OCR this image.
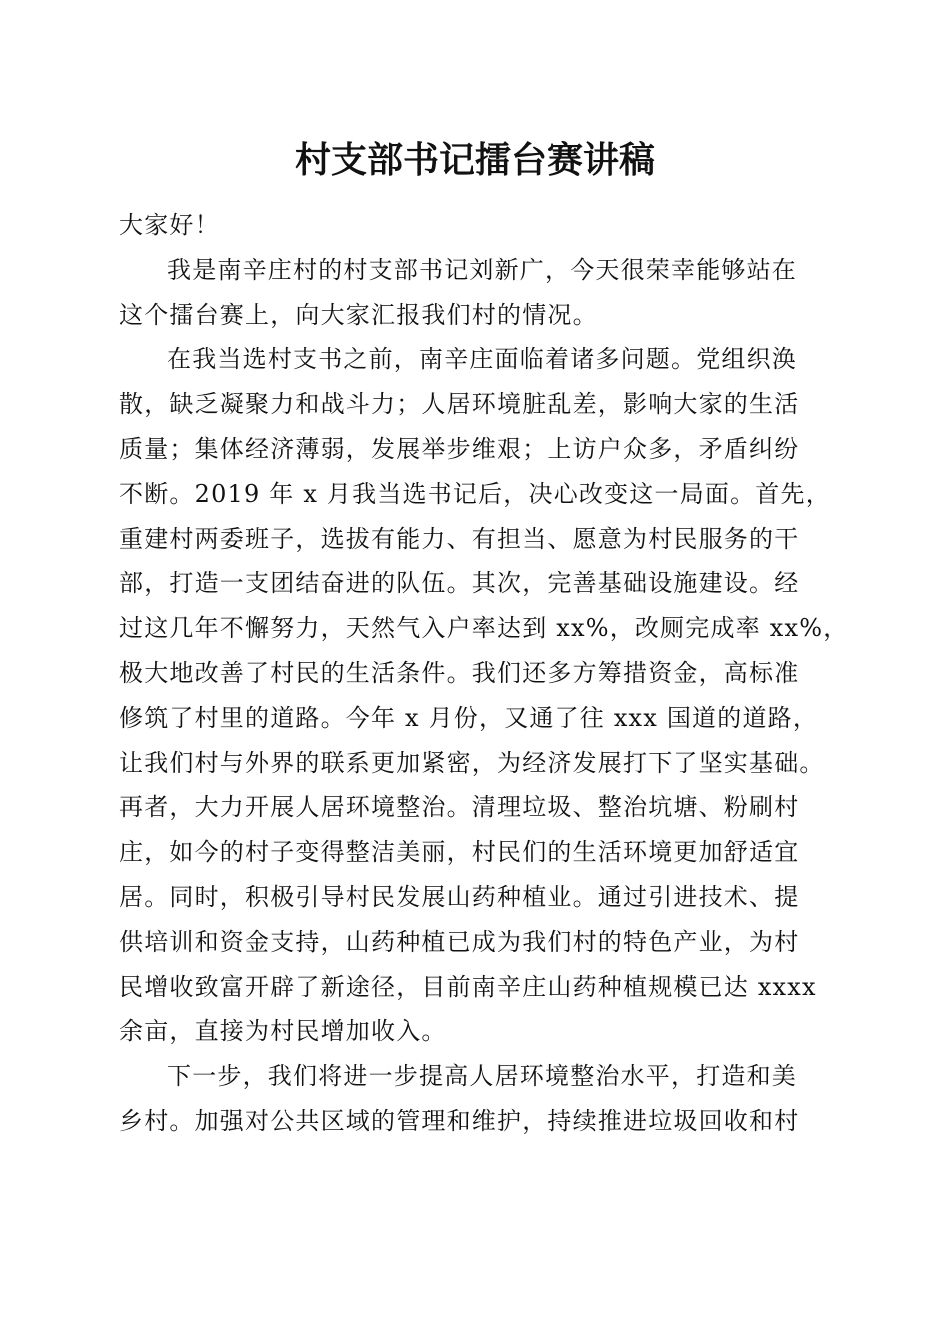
村支部书记擂台赛讲稿
大家好！
我是南辛庄村的村支部书记刘新广，今天很荣幸能够站在
这个擂台赛上，向大家汇报我们村的情况。
在我当选村支书之前，南辛庄面临着诸多问题。党组织涣
散，缺乏凝聚力和战斗力；人居环境脏乱差，影响大家的生活
质量；集体经济薄弱，发展举步维艰；上访户众多，矛盾纠纷
不断。2019 年 x 月我当选书记后，决心改变这一局面。首先，
重建村两委班子，选拔有能力、有担当、愿意为村民服务的干
部，打造一支团结奋进的队伍。其次，完善基础设施建设。经
过这几年不懈努力，天然气入户率达到 xx%，改厕完成率 xx%，
极大地改善了村民的生活条件。我们还多方筹措资金，高标准
修筑了村里的道路。今年 x 月份，又通了往 xxx 国道的道路，
让我们村与外界的联系更加紧密，为经济发展打下了坚实基础。
再者，大力开展人居环境整治。清理垃圾、整治坑塘、粉刷村
庄，如今的村子变得整洁美丽，村民们的生活环境更加舒适宜
居。同时，积极引导村民发展山药种植业。通过引进技术、提
供培训和资金支持，山药种植已成为我们村的特色产业，为村
民增收致富开辟了新途径，目前南辛庄山药种植规模已达 xxxx
余亩，直接为村民增加收入。
下一步，我们将进一步提高人居环境整治水平，打造和美
乡村。加强对公共区域的管理和维护，持续推进垃圾回收和村
